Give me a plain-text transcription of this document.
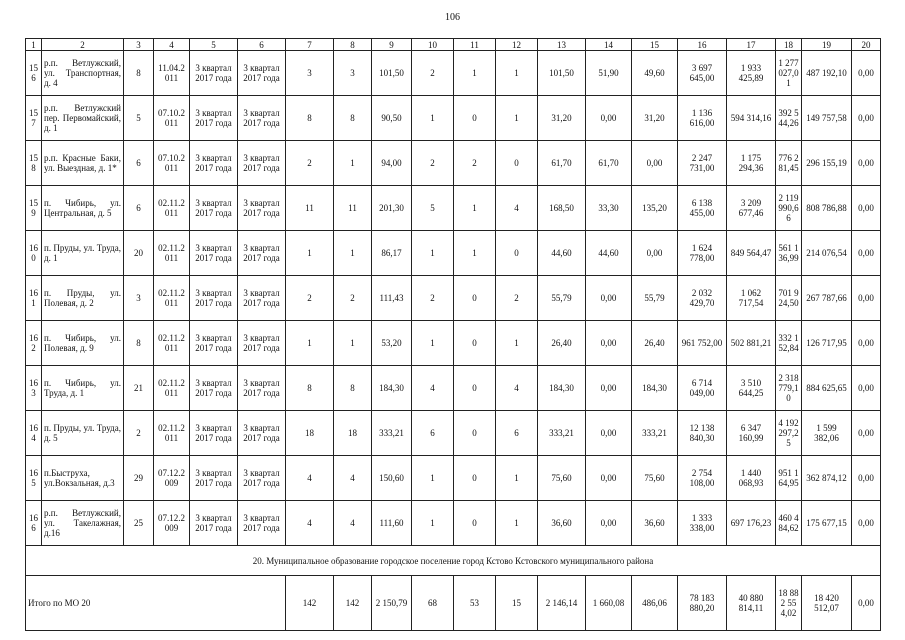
106
1	2	3	4	5	6	7	8	9	10	11	12	13	14	15	16	17	18	19	20
156	р.п. Ветлужский, ул. Транспортная, д. 4	8	11.04.2011	3 квартал 2017 года	3 квартал 2017 года	3	3	101,50	2	1	1	101,50	51,90	49,60	3 697 645,00	1 933 425,89	1 277 027,01	487 192,10	0,00
157	р.п. Ветлужский пер. Первомайский, д. 1	5	07.10.2011	3 квартал 2017 года	3 квартал 2017 года	8	8	90,50	1	0	1	31,20	0,00	31,20	1 136 616,00	594 314,16	392 544,26	149 757,58	0,00
158	р.п. Красные Баки, ул. Выездная, д. 1*	6	07.10.2011	3 квартал 2017 года	3 квартал 2017 года	2	1	94,00	2	2	0	61,70	61,70	0,00	2 247 731,00	1 175 294,36	776 281,45	296 155,19	0,00
159	п. Чибирь, ул. Центральная, д. 5	6	02.11.2011	3 квартал 2017 года	3 квартал 2017 года	11	11	201,30	5	1	4	168,50	33,30	135,20	6 138 455,00	3 209 677,46	2 119 990,66	808 786,88	0,00
160	п. Пруды, ул. Труда, д. 1	20	02.11.2011	3 квартал 2017 года	3 квартал 2017 года	1	1	86,17	1	1	0	44,60	44,60	0,00	1 624 778,00	849 564,47	561 136,99	214 076,54	0,00
161	п. Пруды, ул. Полевая, д. 2	3	02.11.2011	3 квартал 2017 года	3 квартал 2017 года	2	2	111,43	2	0	2	55,79	0,00	55,79	2 032 429,70	1 062 717,54	701 924,50	267 787,66	0,00
162	п. Чибирь, ул. Полевая, д. 9	8	02.11.2011	3 квартал 2017 года	3 квартал 2017 года	1	1	53,20	1	0	1	26,40	0,00	26,40	961 752,00	502 881,21	332 152,84	126 717,95	0,00
163	п. Чибирь, ул. Труда, д. 1	21	02.11.2011	3 квартал 2017 года	3 квартал 2017 года	8	8	184,30	4	0	4	184,30	0,00	184,30	6 714 049,00	3 510 644,25	2 318 779,10	884 625,65	0,00
164	п. Пруды, ул. Труда, д. 5	2	02.11.2011	3 квартал 2017 года	3 квартал 2017 года	18	18	333,21	6	0	6	333,21	0,00	333,21	12 138 840,30	6 347 160,99	4 192 297,25	1 599 382,06	0,00
165	п.Быструха, ул.Вокзальная, д.3	29	07.12.2009	3 квартал 2017 года	3 квартал 2017 года	4	4	150,60	1	0	1	75,60	0,00	75,60	2 754 108,00	1 440 068,93	951 164,95	362 874,12	0,00
166	р.п. Ветлужский, ул. Такелажная, д.16	25	07.12.2009	3 квартал 2017 года	3 квартал 2017 года	4	4	111,60	1	0	1	36,60	0,00	36,60	1 333 338,00	697 176,23	460 484,62	175 677,15	0,00
20. Муниципальное образование городское поселение город Кстово Кстовского муниципального района																			
Итого по МО 20						142	142	2 150,79	68	53	15	2 146,14	1 660,08	486,06	78 183 880,20	40 880 814,11	18 882 554,02	18 420 512,07	0,00
